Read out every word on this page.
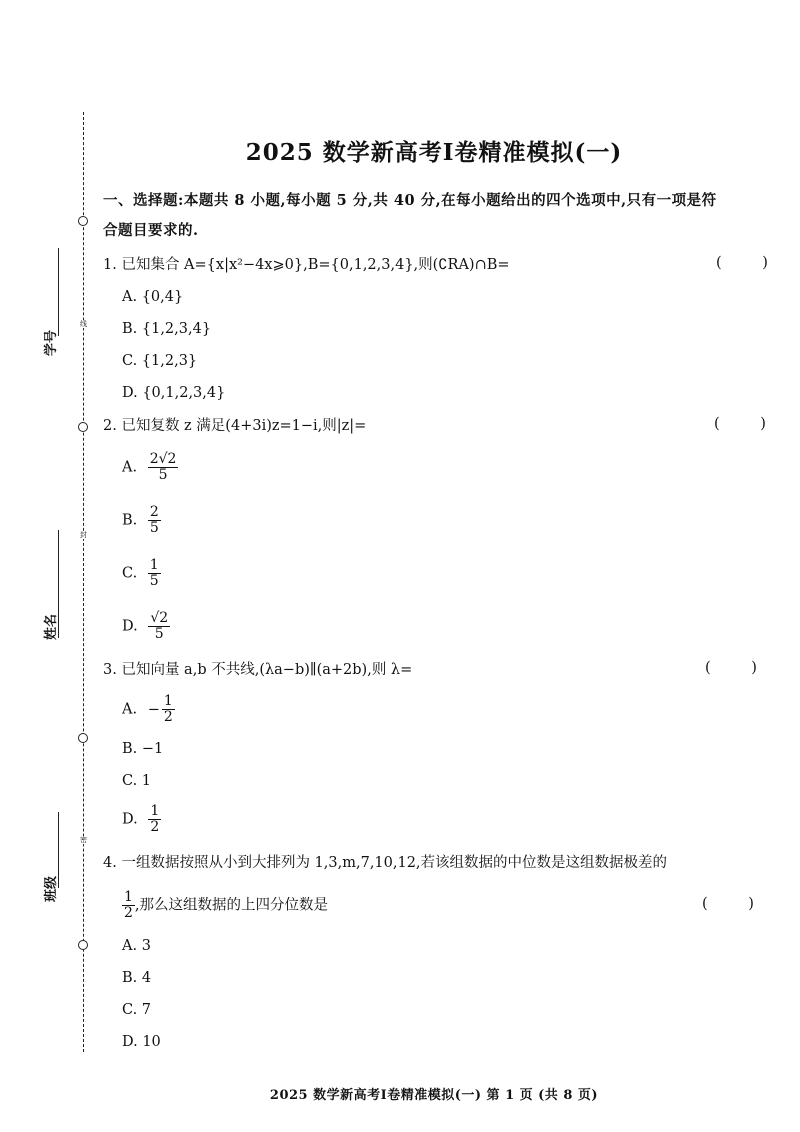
线
封
密
学号
姓名
班级
2025 数学新高考Ⅰ卷精准模拟(一)
一、选择题:本题共 8 小题,每小题 5 分,共 40 分,在每小题给出的四个选项中,只有一项是符
合题目要求的.
1. 已知集合 A={x|x²−4x⩾0},B={0,1,2,3,4},则(∁RA)∩B=	( )
A. {0,4}
B. {1,2,3,4}
C. {1,2,3}
D. {0,1,2,3,4}
2. 已知复数 z 满足(4+3i)z=1−i,则|z|=	( )
A. $\frac{2√2}{5}$
B. $\frac{2}{5}$
C. $\frac{1}{5}$
D. $\frac{√2}{5}$
3. 已知向量 a,b 不共线,(λa−b)∥(a+2b),则 λ=	( )
A. − $\frac{1}{2}$
B. −1
C. 1
D. $\frac{1}{2}$
4. 一组数据按照从小到大排列为 1,3,m,7,10,12,若该组数据的中位数是这组数据极差的
$\frac{1}{2}$ ,那么这组数据的上四分位数是	( )
A. 3
B. 4
C. 7
D. 10
2025 数学新高考Ⅰ卷精准模拟(一) 第 1 页 (共 8 页)
